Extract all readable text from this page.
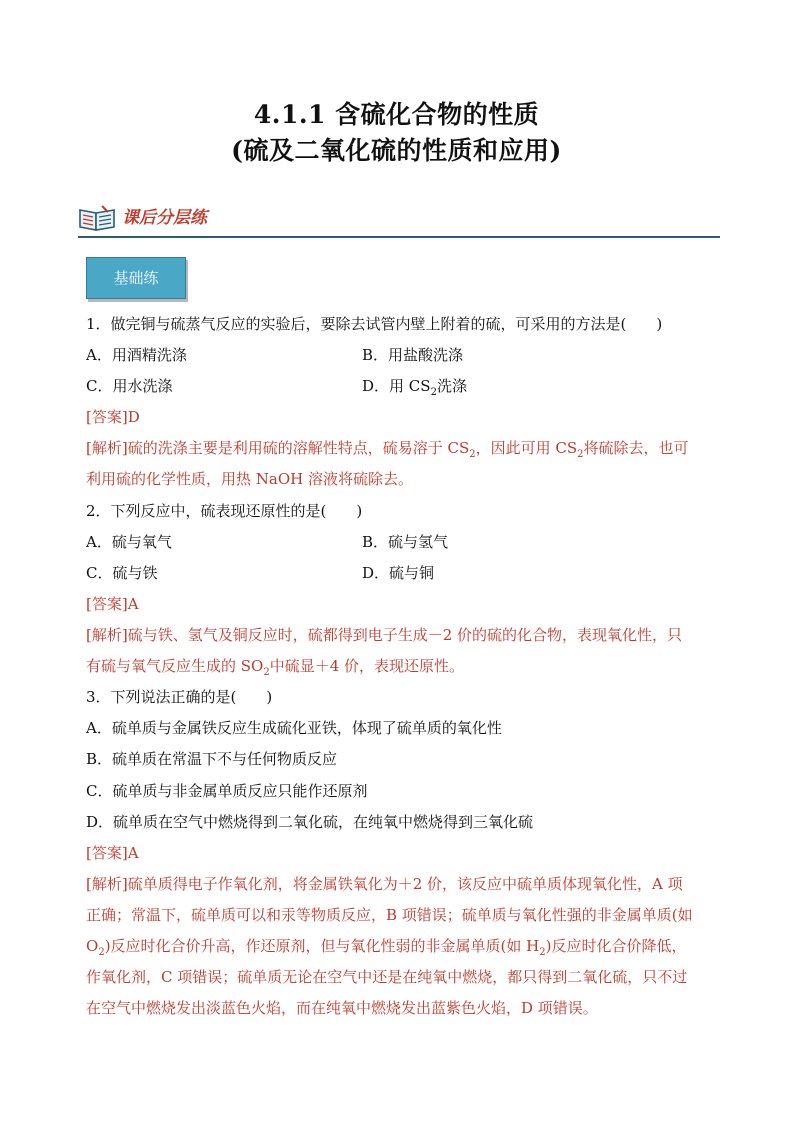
4.1.1 含硫化合物的性质
(硫及二氧化硫的性质和应用)
课后分层练
基础练
1．做完铜与硫蒸气反应的实验后，要除去试管内壁上附着的硫，可采用的方法是(　　)
A．用酒精洗涤	B．用盐酸洗涤
C．用水洗涤	D．用 $CS_2$洗涤
[答案]D
[解析]硫的洗涤主要是利用硫的溶解性特点，硫易溶于 $CS_2$，因此可用 $CS_2$将硫除去，也可
利用硫的化学性质，用热 NaOH 溶液将硫除去。
2．下列反应中，硫表现还原性的是(　　)
A．硫与氧气	B．硫与氢气
C．硫与铁	D．硫与铜
[答案]A
[解析]硫与铁、氢气及铜反应时，硫都得到电子生成－2 价的硫的化合物，表现氧化性，只
有硫与氧气反应生成的 $SO_2$中硫显＋4 价，表现还原性。
3．下列说法正确的是(　　)
A．硫单质与金属铁反应生成硫化亚铁，体现了硫单质的氧化性
B．硫单质在常温下不与任何物质反应
C．硫单质与非金属单质反应只能作还原剂
D．硫单质在空气中燃烧得到二氧化硫，在纯氧中燃烧得到三氧化硫
[答案]A
[解析]硫单质得电子作氧化剂，将金属铁氧化为＋2 价，该反应中硫单质体现氧化性，A 项
正确；常温下，硫单质可以和汞等物质反应，B 项错误；硫单质与氧化性强的非金属单质(如
$O_2$)反应时化合价升高，作还原剂，但与氧化性弱的非金属单质(如 $H_2$)反应时化合价降低，
作氧化剂，C 项错误；硫单质无论在空气中还是在纯氧中燃烧，都只得到二氧化硫，只不过
在空气中燃烧发出淡蓝色火焰，而在纯氧中燃烧发出蓝紫色火焰，D 项错误。
